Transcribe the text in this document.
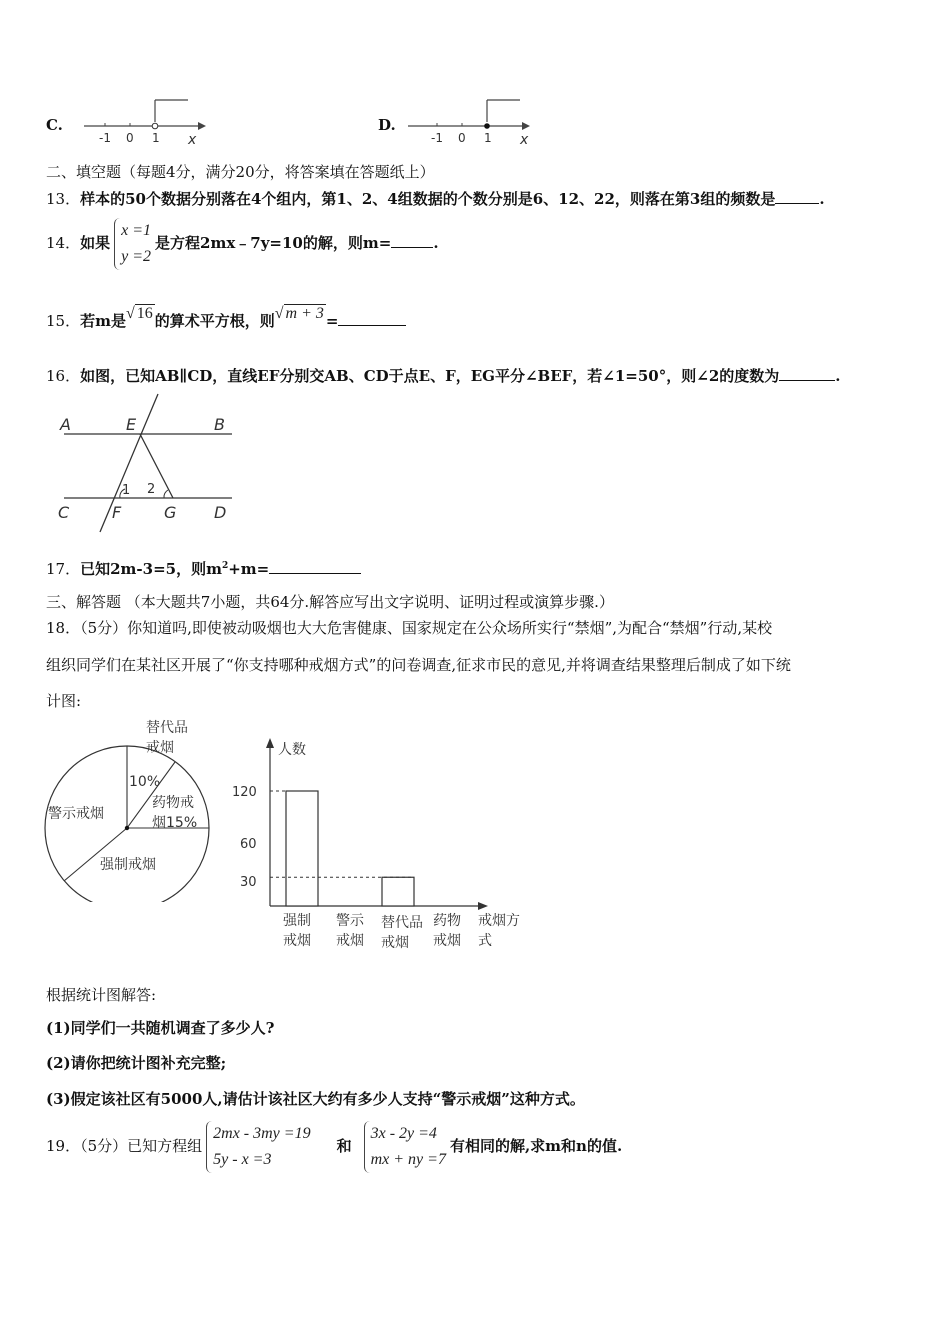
C.
-1 0 1 x
D.
-1 0 1 x
二、填空题（每题4分，满分20分，将答案填在答题纸上）
13．样本的50个数据分别落在4个组内，第1、2、4组数据的个数分别是6、12、22，则落在第3组的频数是	.
14．如果x =1
y =2是方程2mx﹣7y=10的解，则m=	.
15．若m是√ 16 的算术平方根，则√ m + 3 =
16．如图，已知AB∥CD，直线EF分别交AB、CD于点E、F，EG平分∠BEF，若∠1=50°，则∠2的度数为	.
A	E	B
C	F	G D
1 2
17．已知2m-3=5，则$m^2+m=$
三、解答题 （本大题共7小题，共64分.解答应写出文字说明、证明过程或演算步骤.）
18．（5分）你知道吗,即使被动吸烟也大大危害健康、国家规定在公众场所实行“禁烟”,为配合“禁烟”行动,某校
组织同学们在某社区开展了“你支持哪种戒烟方式”的问卷调查,征求市民的意见,并将调查结果整理后制成了如下统
计图:
替代品
戒烟
10%
药物戒
烟15%
警示戒烟
强制戒烟
人数
120
60
30
强制
戒烟
警示
戒烟
替代品
戒烟
药物
戒烟
戒烟方
式
根据统计图解答:
(1)同学们一共随机调查了多少人?
(2)请你把统计图补充完整;
(3)假定该社区有5000人,请估计该社区大约有多少人支持“警示戒烟”这种方式。
19．（5分）已知方程组2mx - 3my =19
5y - x =3和3x - 2y =4
mx + ny =7有相同的解,求m和n的值.
